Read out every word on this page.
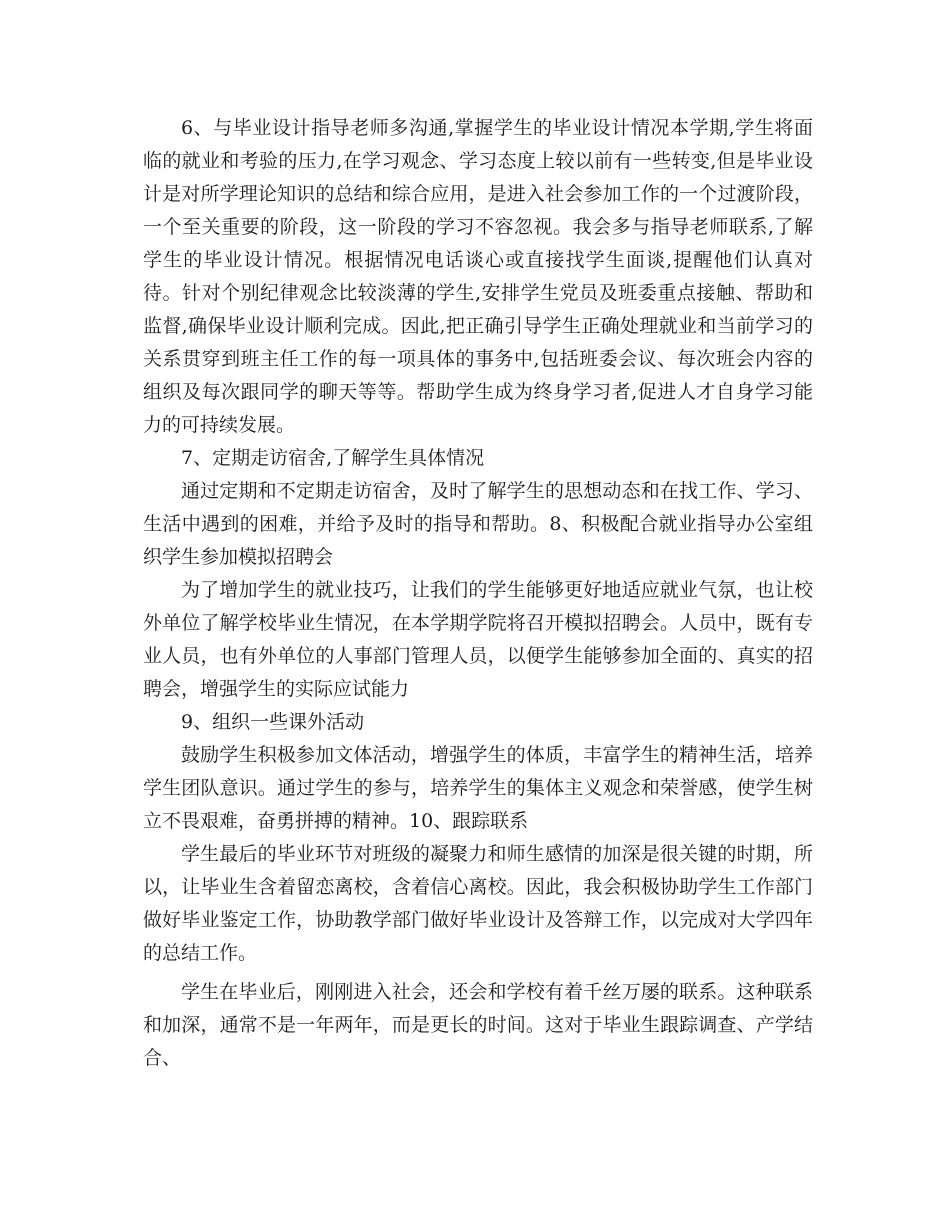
6、与毕业设计指导老师多沟通,掌握学生的毕业设计情况本学期,学生将面临的就业和考验的压力,在学习观念、学习态度上较以前有一些转变,但是毕业设计是对所学理论知识的总结和综合应用，是进入社会参加工作的一个过渡阶段，一个至关重要的阶段，这一阶段的学习不容忽视。我会多与指导老师联系,了解学生的毕业设计情况。根据情况电话谈心或直接找学生面谈,提醒他们认真对待。针对个别纪律观念比较淡薄的学生,安排学生党员及班委重点接触、帮助和监督,确保毕业设计顺利完成。因此,把正确引导学生正确处理就业和当前学习的关系贯穿到班主任工作的每一项具体的事务中,包括班委会议、每次班会内容的组织及每次跟同学的聊天等等。帮助学生成为终身学习者,促进人才自身学习能力的可持续发展。

7、定期走访宿舍,了解学生具体情况

通过定期和不定期走访宿舍，及时了解学生的思想动态和在找工作、学习、生活中遇到的困难，并给予及时的指导和帮助。8、积极配合就业指导办公室组织学生参加模拟招聘会

为了增加学生的就业技巧，让我们的学生能够更好地适应就业气氛，也让校外单位了解学校毕业生情况，在本学期学院将召开模拟招聘会。人员中，既有专业人员，也有外单位的人事部门管理人员，以便学生能够参加全面的、真实的招聘会，增强学生的实际应试能力

9、组织一些课外活动

鼓励学生积极参加文体活动，增强学生的体质，丰富学生的精神生活，培养学生团队意识。通过学生的参与，培养学生的集体主义观念和荣誉感，使学生树立不畏艰难，奋勇拼搏的精神。10、跟踪联系

学生最后的毕业环节对班级的凝聚力和师生感情的加深是很关键的时期，所以，让毕业生含着留恋离校，含着信心离校。因此，我会积极协助学生工作部门做好毕业鉴定工作，协助教学部门做好毕业设计及答辩工作，以完成对大学四年的总结工作。

学生在毕业后，刚刚进入社会，还会和学校有着千丝万屡的联系。这种联系和加深，通常不是一年两年，而是更长的时间。这对于毕业生跟踪调查、产学结合、
